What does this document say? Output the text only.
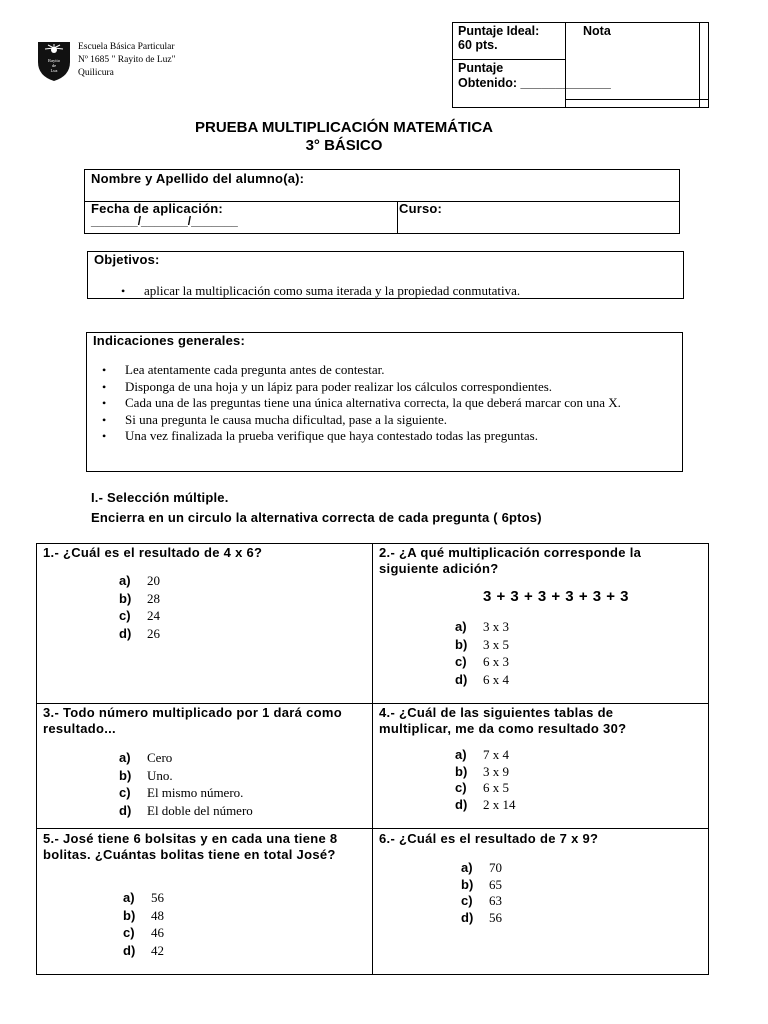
Rayito
de
Luz
Escuela Básica Particular
Nº 1685 " Rayito de Luz"
Quilicura
Puntaje Ideal:
60 pts.
Nota
Puntaje
Obtenido: _____________
PRUEBA MULTIPLICACIÓN MATEMÁTICA
3° BÁSICO
Nombre y Apellido del alumno(a):
Fecha de aplicación:
_______/_______/_______
Curso:
Objetivos:
• aplicar la multiplicación como suma iterada y la propiedad conmutativa.
Indicaciones generales:
• Lea atentamente cada pregunta antes de contestar.
• Disponga de una hoja y un lápiz para poder realizar los cálculos correspondientes.
• Cada una de las preguntas tiene una única alternativa correcta, la que deberá marcar con una X.
• Si una pregunta le causa mucha dificultad, pase a la siguiente.
• Una vez finalizada la prueba verifique que haya contestado todas las preguntas.
I.- Selección múltiple.
Encierra en un circulo la alternativa correcta de cada pregunta ( 6ptos)
1.- ¿Cuál es el resultado de 4 x 6?
a)	20
b)	28
c)	24
d)	26
2.- ¿A qué multiplicación corresponde la siguiente adición?
3 + 3 + 3 + 3 + 3 + 3
a)	3 x 3
b)	3 x 5
c)	6 x 3
d)	6 x 4
3.- Todo número multiplicado por 1 dará como resultado...
a)	Cero
b)	Uno.
c)	El mismo número.
d)	El doble del número
4.- ¿Cuál de las siguientes tablas de multiplicar, me da como resultado 30?
a)	7 x 4
b)	3 x 9
c)	6 x 5
d)	2 x 14
5.- José tiene 6 bolsitas y en cada una tiene 8 bolitas. ¿Cuántas bolitas tiene en total José?
a)	56
b)	48
c)	46
d)	42
6.- ¿Cuál es el resultado de 7 x 9?
a)	70
b)	65
c)	63
d)	56
